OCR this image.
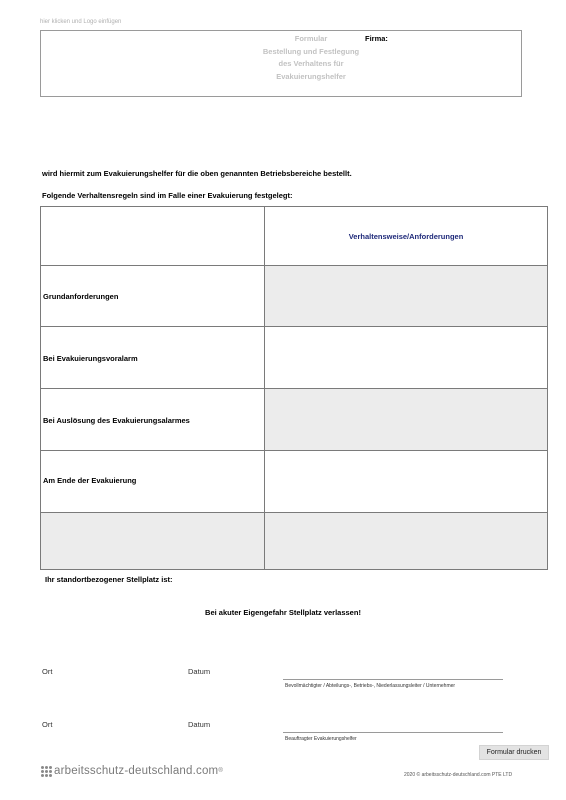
hier klicken und Logo einfügen
Formular
Bestellung und Festlegung
des Verhaltens für
Evakuierungshelfer
Firma:
wird hiermit zum Evakuierungshelfer für die oben genannten Betriebsbereiche bestellt.
Folgende Verhaltensregeln sind im Falle einer Evakuierung festgelegt:
Verhaltensweise/Anforderungen
Grundanforderungen
Bei Evakuierungsvoralarm
Bei Auslösung des Evakuierungsalarmes
Am Ende der Evakuierung
Ihr standortbezogener Stellplatz ist:
Bei akuter Eigengefahr Stellplatz verlassen!
Ort	Datum
Bevollmächtigter / Abteilungs-, Betriebs-, Niederlassungsleiter / Unternehmer
Ort	Datum
Beauftragter Evakuierungshelfer
Formular drucken
arbeitsschutz-deutschland.com ®
2020 © arbeitsschutz-deutschland.com PTE LTD
